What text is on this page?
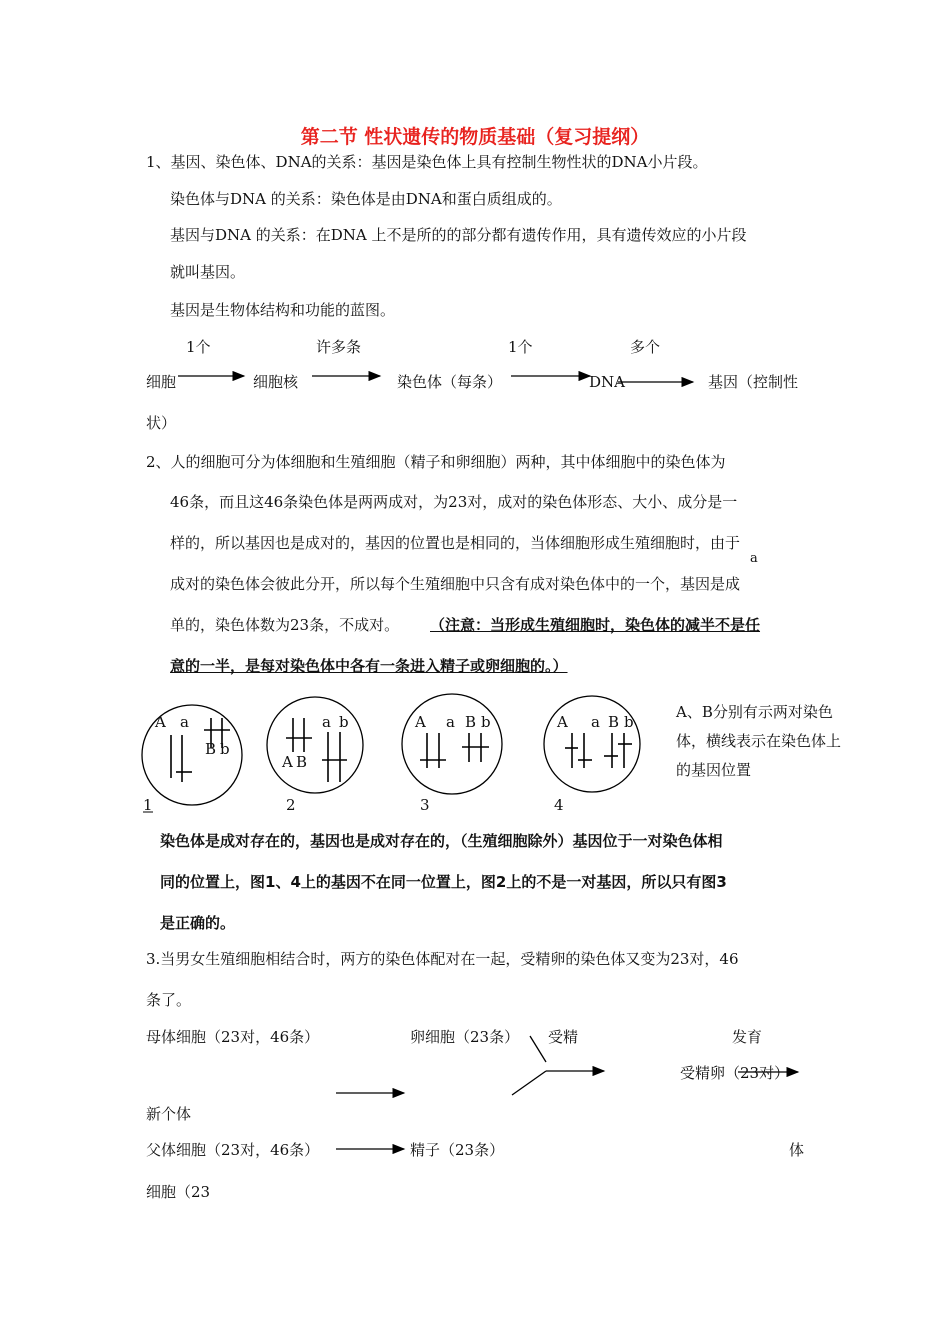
第二节 性状遗传的物质基础（复习提纲）
1、基因、染色体、DNA的关系：基因是染色体上具有控制生物性状的DNA小片段。
染色体与DNA 的关系：染色体是由DNA和蛋白质组成的。
基因与DNA 的关系：在DNA 上不是所的的部分都有遗传作用，具有遗传效应的小片段
就叫基因。
基因是生物体结构和功能的蓝图。
1个	许多条	1个	多个
细胞	细胞核	染色体（每条）	DNA	基因（控制性
状）
2、人的细胞可分为体细胞和生殖细胞（精子和卵细胞）两种，其中体细胞中的染色体为
46条，而且这46条染色体是两两成对，为23对，成对的染色体形态、大小、成分是一
样的，所以基因也是成对的，基因的位置也是相同的，当体细胞形成生殖细胞时，由于
a
成对的染色体会彼此分开，所以每个生殖细胞中只含有成对染色体中的一个，基因是成
单的，染色体数为23条，不成对。 （注意：当形成生殖细胞时，染色体的减半不是任
意的一半，是每对染色体中各有一条进入精子或卵细胞的。）
A a
B b
1
a b
A B
2
A a B b
3
A a B b
4
A、B分别有示两对染色
体，横线表示在染色体上
的基因位置
染色体是成对存在的，基因也是成对存在的，（生殖细胞除外）基因位于一对染色体相
同的位置上，图1、4上的基因不在同一位置上，图2上的不是一对基因，所以只有图3
是正确的。
3.当男女生殖细胞相结合时，两方的染色体配对在一起，受精卵的染色体又变为23对，46
条了。
母体细胞（23对，46条）	卵细胞（23条） 受精	发育
受精卵（23对）
新个体
父体细胞（23对，46条）	精子（23条）	体
细胞（23
